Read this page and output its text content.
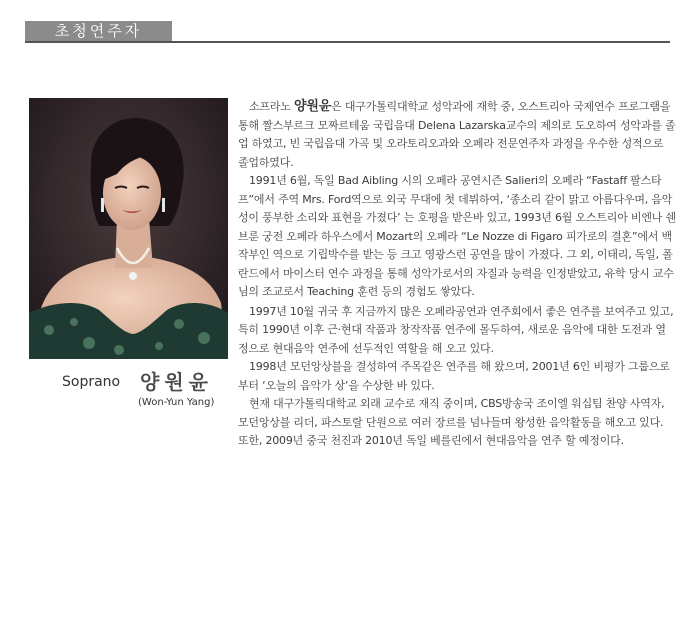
초청연주자
Soprano 양원윤
(Won-Yun Yang)

소프라노 양원윤은 대구가톨릭대학교 성악과에 재학 중, 오스트리아 국제연수 프로그램을 통해 짤스부르크 모짜르테움 국립음대 Delena Lazarska교수의 제의로 도오하여 성악과를 졸업 하였고, 빈 국립음대 가곡 및 오라토리오과와 오페라 전문연주자 과정을 우수한 성적으로 졸업하였다.

1991년 6월, 독일 Bad Aibling 시의 오페라 공연시즌 Salieri의 오페라 “Fastaff 팔스타프”에서 주역 Mrs. Ford역으로 외국 무대에 첫 데뷔하여, ‘종소리 같이 맑고 아름다우며, 음악성이 풍부한 소리와 표현을 가졌다’ 는 호평을 받은바 있고, 1993년 6월 오스트리아 비엔나 쉔브룬 궁전 오페라 하우스에서 Mozart의 오페라 “Le Nozze di Figaro 피가로의 결혼”에서 백작부인 역으로 기립박수를 받는 등 크고 영광스런 공연을 많이 가졌다. 그 외, 이태리, 독일, 폴란드에서 마이스터 연수 과정을 통해 성악가로서의 자질과 능력을 인정받았고, 유학 당시 교수님의 조교로서 Teaching 훈련 등의 경험도 쌓았다.

1997년 10월 귀국 후 지금까지 많은 오페라공연과 연주회에서 좋은 연주를 보여주고 있고, 특히 1990년 이후 근·현대 작품과 창작작품 연주에 몰두하여, 새로운 음악에 대한 도전과 열정으로 현대음악 연주에 선두적인 역할을 해 오고 있다.

1998년 모던앙상블을 결성하여 주목같은 연주를 해 왔으며, 2001년 6인 비평가 그룹으로부터 ‘오늘의 음악가 상’을 수상한 바 있다.

현재 대구가톨릭대학교 외래 교수로 재직 중이며, CBS방송국 조이엘 워십팀 찬양 사역자, 모던앙상블 리더, 파스토랄 단원으로 여러 장르를 넘나들며 왕성한 음악활동을 해오고 있다. 또한, 2009년 중국 천진과 2010년 독일 베를린에서 현대음악을 연주 할 예정이다.
